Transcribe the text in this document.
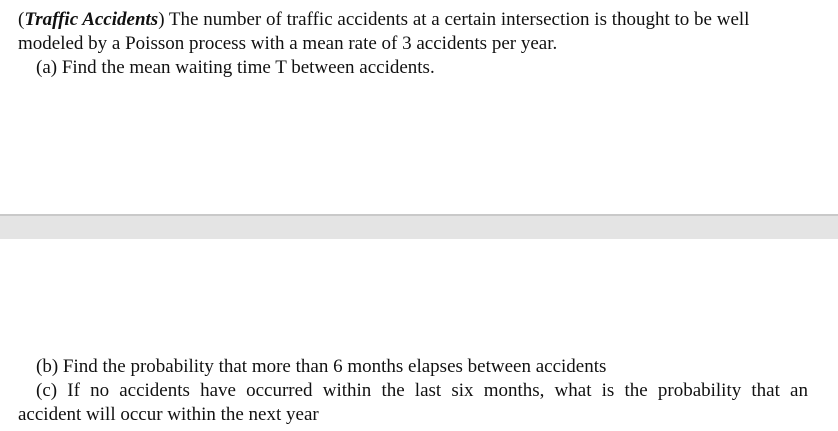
(Traffic Accidents) The number of traffic accidents at a certain intersection is thought to be well modeled by a Poisson process with a mean rate of 3 accidents per year.

(a) Find the mean waiting time T between accidents.

(b) Find the probability that more than 6 months elapses between accidents

(c) If no accidents have occurred within the last six months, what is the probability that an
accident will occur within the next year
